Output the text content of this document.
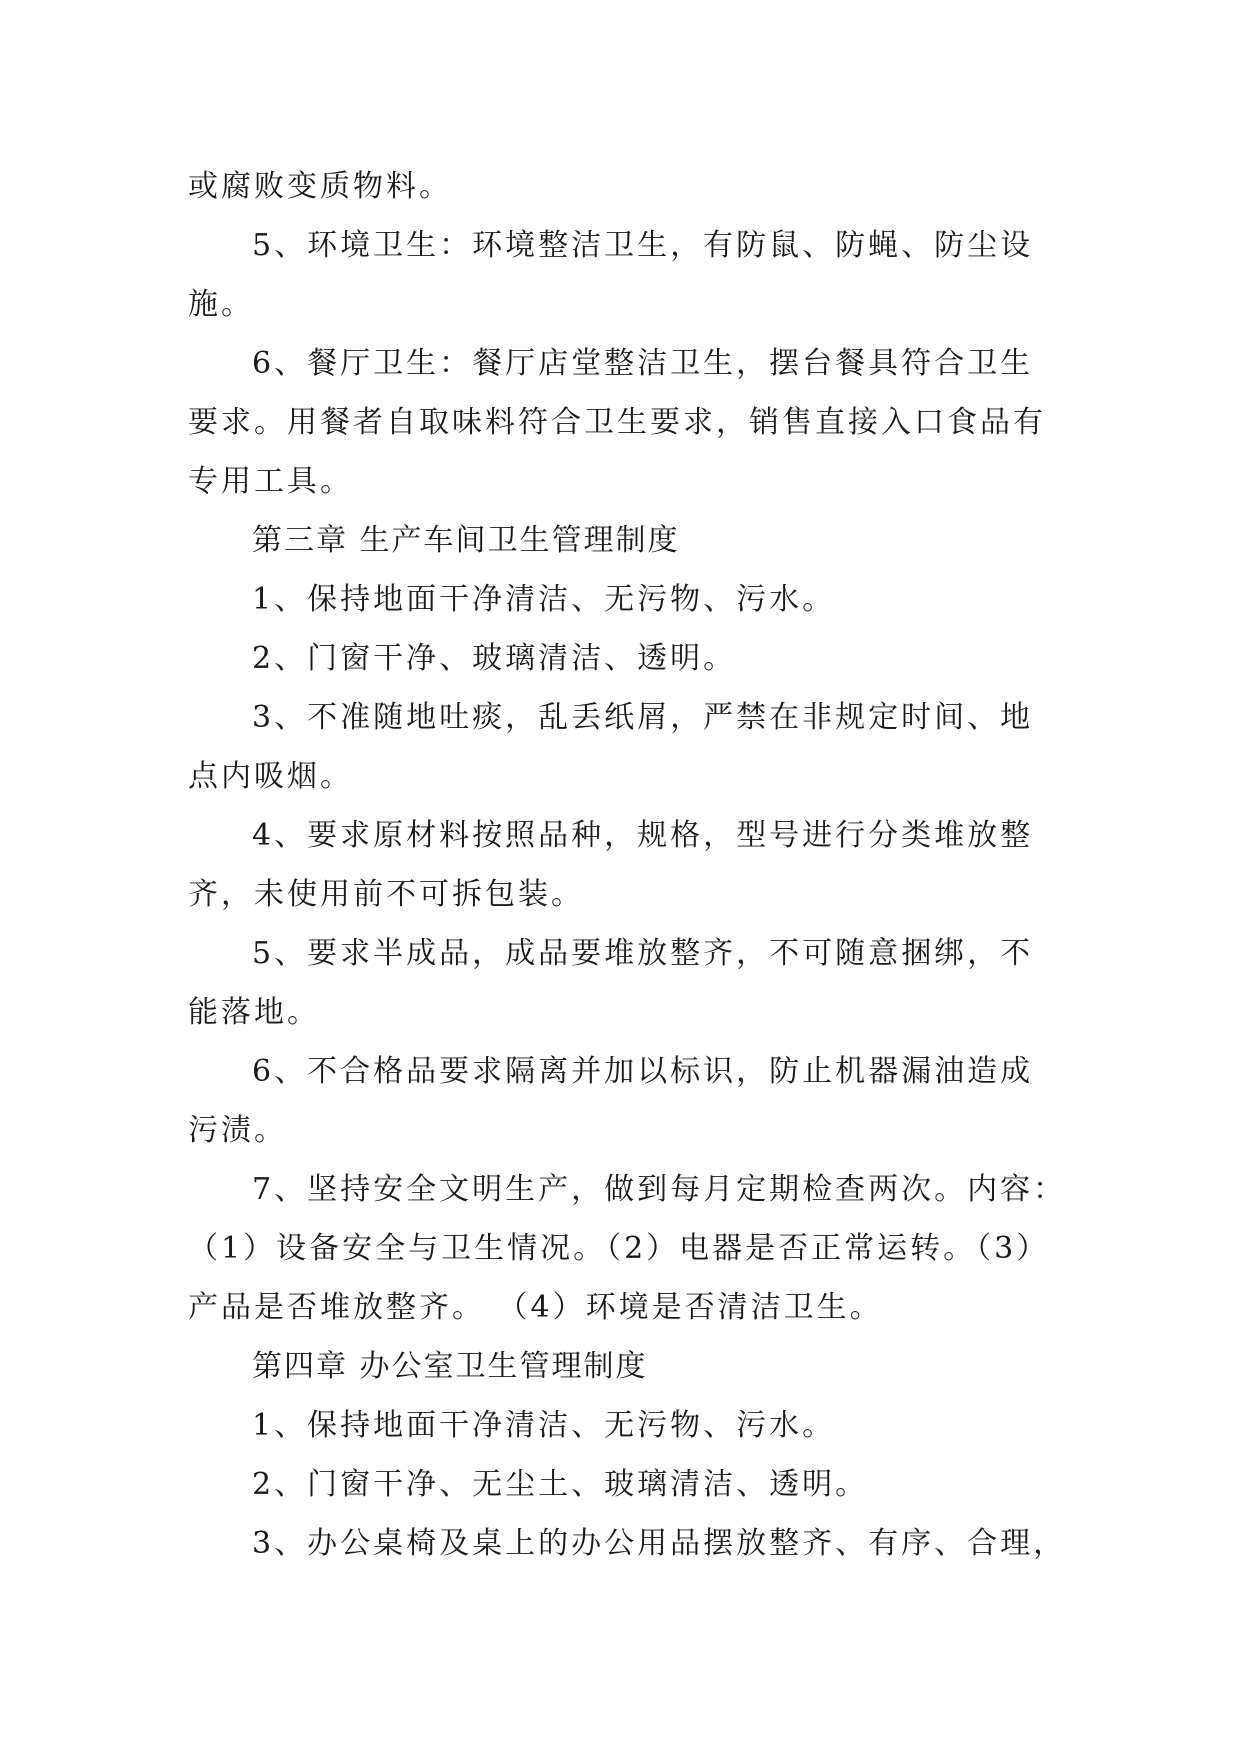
或腐败变质物料。
5、环境卫生：环境整洁卫生，有防鼠、防蝇、防尘设
施。
6、餐厅卫生：餐厅店堂整洁卫生，摆台餐具符合卫生
要求。用餐者自取味料符合卫生要求，销售直接入口食品有
专用工具。
第三章 生产车间卫生管理制度
1、保持地面干净清洁、无污物、污水。
2、门窗干净、玻璃清洁、透明。
3、不准随地吐痰，乱丢纸屑，严禁在非规定时间、地
点内吸烟。
4、要求原材料按照品种，规格，型号进行分类堆放整
齐，未使用前不可拆包装。
5、要求半成品，成品要堆放整齐，不可随意捆绑，不
能落地。
6、不合格品要求隔离并加以标识，防止机器漏油造成
污渍。
7、坚持安全文明生产，做到每月定期检查两次。内容：
（1）设备安全与卫生情况。（2）电器是否正常运转。（3）
产品是否堆放整齐。 （4）环境是否清洁卫生。
第四章 办公室卫生管理制度
1、保持地面干净清洁、无污物、污水。
2、门窗干净、无尘土、玻璃清洁、透明。
3、办公桌椅及桌上的办公用品摆放整齐、有序、合理，
